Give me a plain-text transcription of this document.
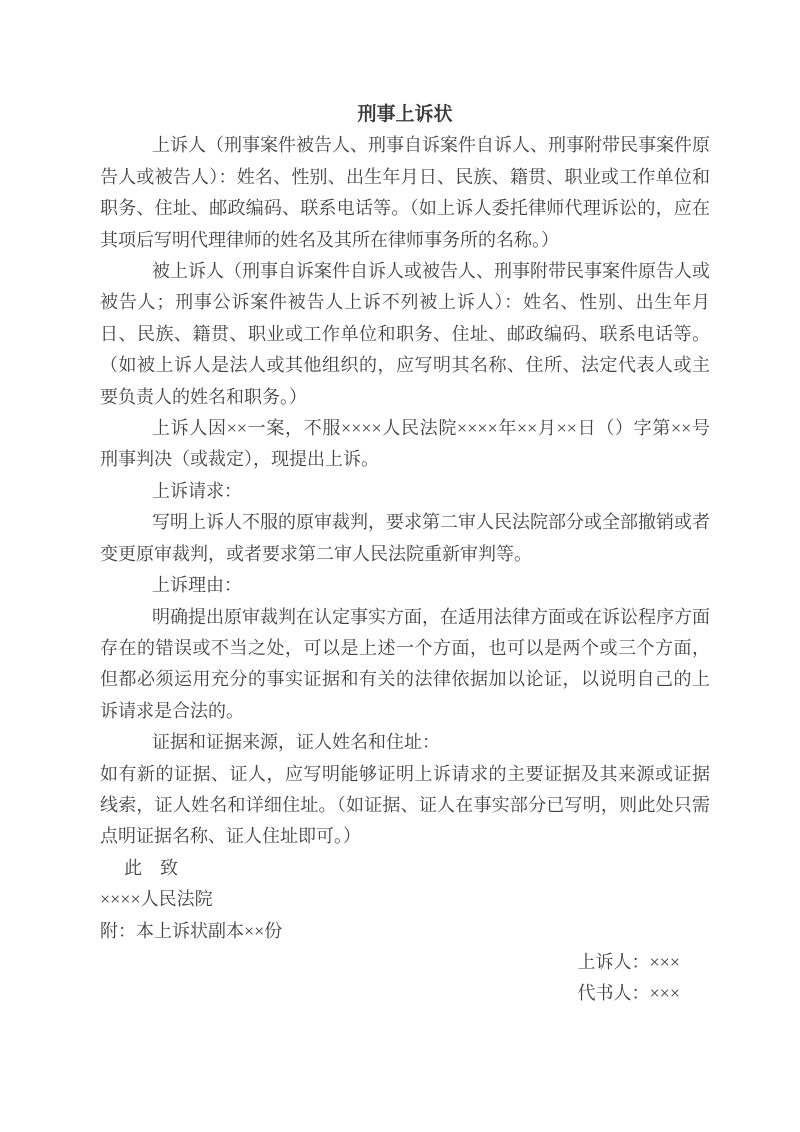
刑事上诉状

上诉人（刑事案件被告人、刑事自诉案件自诉人、刑事附带民事案件原告人或被告人）：姓名、性别、出生年月日、民族、籍贯、职业或工作单位和职务、住址、邮政编码、联系电话等。（如上诉人委托律师代理诉讼的，应在其项后写明代理律师的姓名及其所在律师事务所的名称。）

被上诉人（刑事自诉案件自诉人或被告人、刑事附带民事案件原告人或被告人；刑事公诉案件被告人上诉不列被上诉人）：姓名、性别、出生年月日、民族、籍贯、职业或工作单位和职务、住址、邮政编码、联系电话等。（如被上诉人是法人或其他组织的，应写明其名称、住所、法定代表人或主要负责人的姓名和职务。）

上诉人因××一案，不服××××人民法院××××年××月××日（）字第××号刑事判决（或裁定），现提出上诉。

上诉请求：

写明上诉人不服的原审裁判，要求第二审人民法院部分或全部撤销或者变更原审裁判，或者要求第二审人民法院重新审判等。

上诉理由：

明确提出原审裁判在认定事实方面，在适用法律方面或在诉讼程序方面存在的错误或不当之处，可以是上述一个方面，也可以是两个或三个方面，但都必须运用充分的事实证据和有关的法律依据加以论证，以说明自己的上诉请求是合法的。

证据和证据来源，证人姓名和住址：

如有新的证据、证人，应写明能够证明上诉请求的主要证据及其来源或证据线索，证人姓名和详细住址。（如证据、证人在事实部分已写明，则此处只需点明证据名称、证人住址即可。）

此　致

××××人民法院

附：本上诉状副本××份

上诉人：×××

代书人：×××
